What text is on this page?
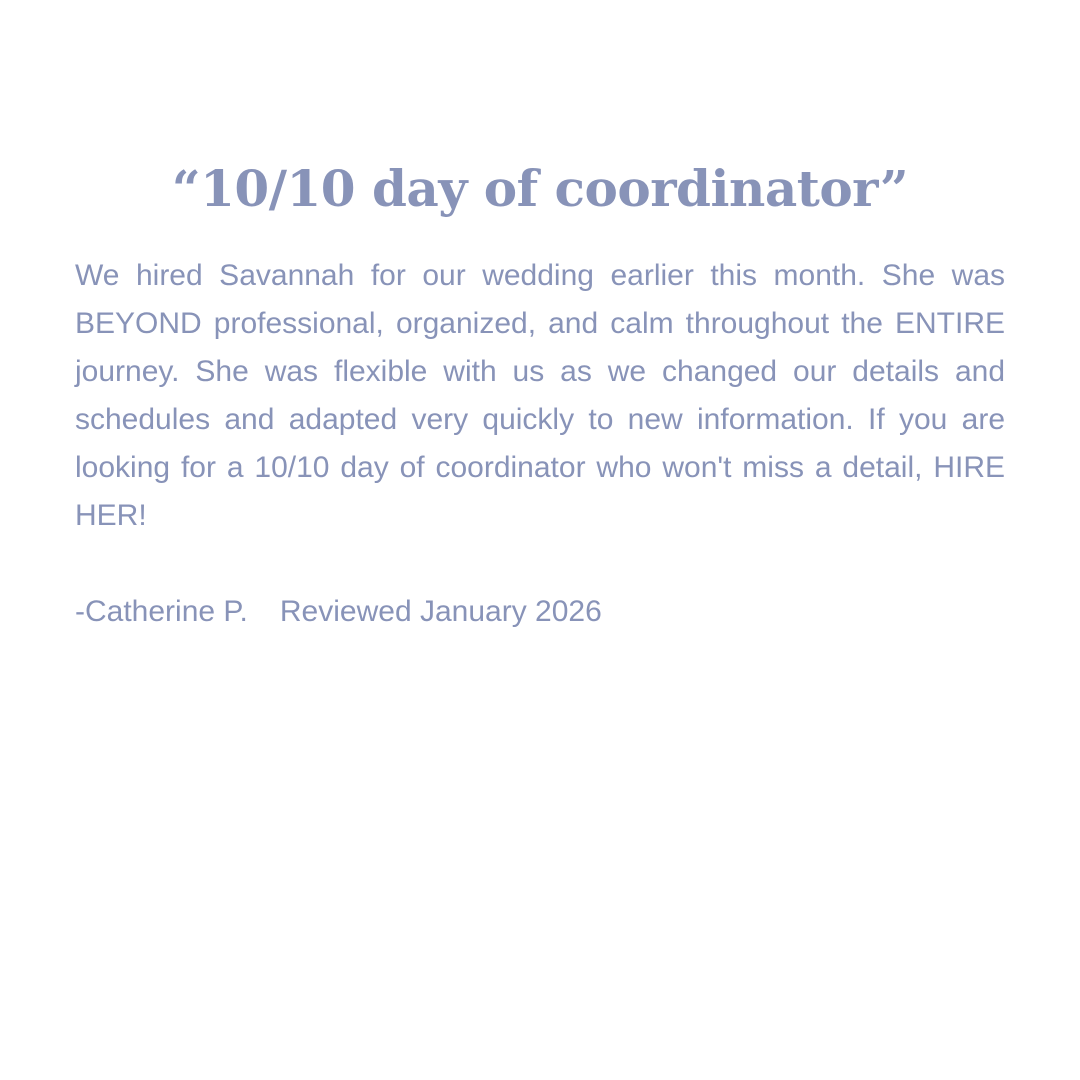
“10/10 day of coordinator”

We hired Savannah for our wedding earlier this month. She was BEYOND professional, organized, and calm throughout the ENTIRE journey. She was flexible with us as we changed our details and schedules and adapted very quickly to new information. If you are looking for a 10/10 day of coordinator who won't miss a detail, HIRE HER!

-Catherine P. Reviewed January 2026
